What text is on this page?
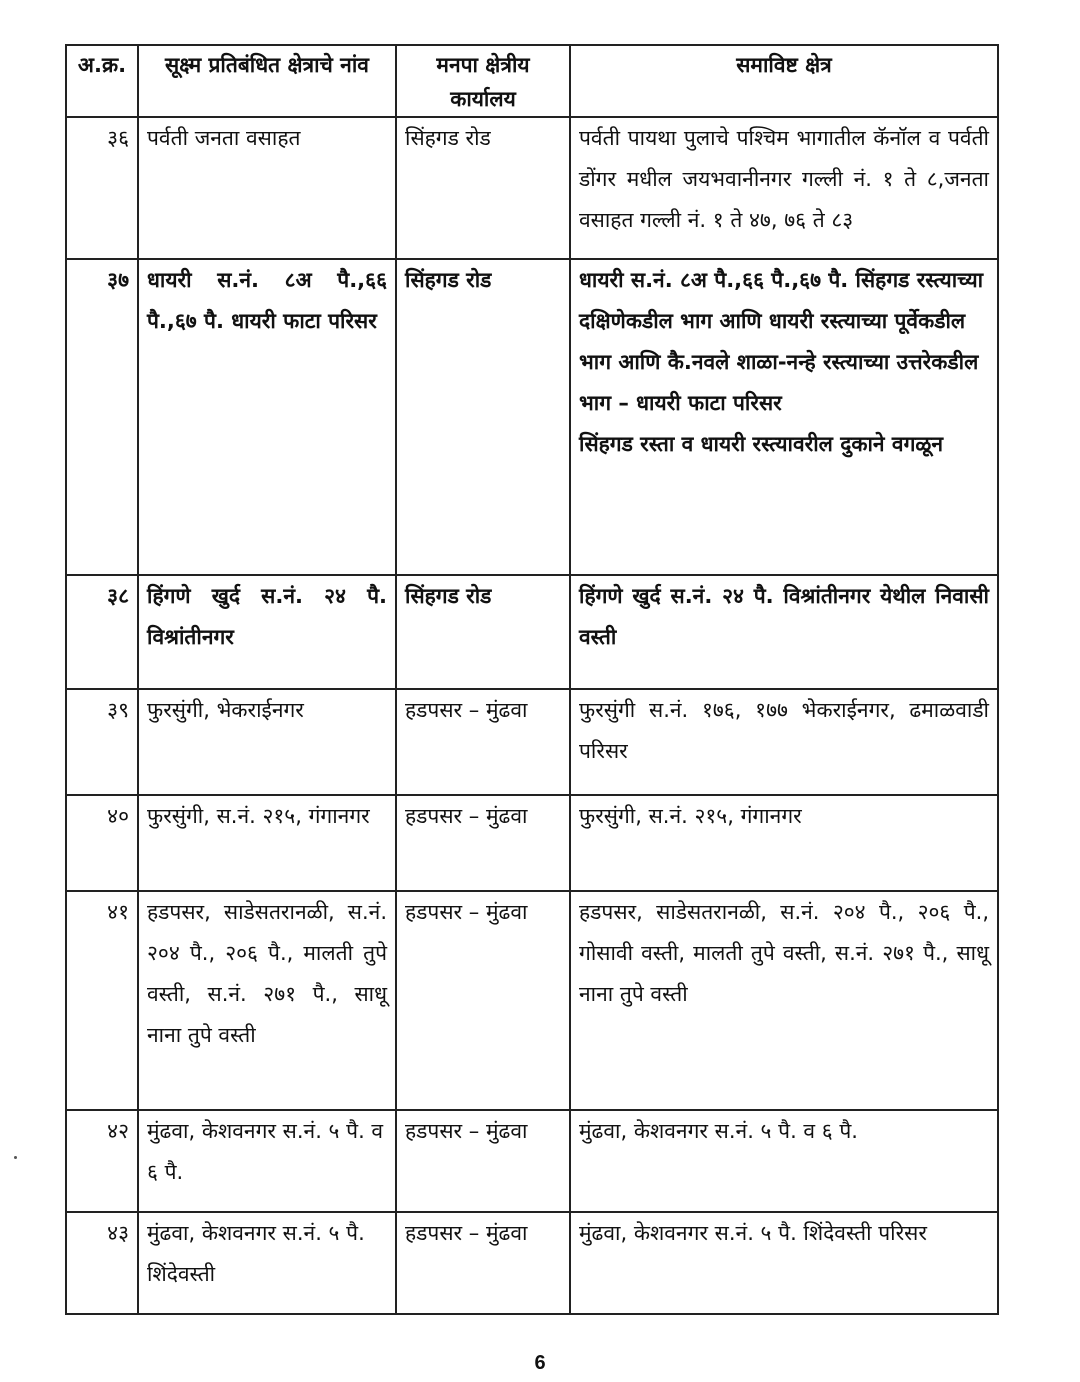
अ.क्र.	सूक्ष्म प्रतिबंधित क्षेत्राचे नांव	मनपा क्षेत्रीय कार्यालय	समाविष्ट क्षेत्र
३६	पर्वती जनता वसाहत	सिंहगड रोड	पर्वती पायथा पुलाचे पश्चिम भागातील कॅनॉल व पर्वती डोंगर मधील जयभवानीनगर गल्ली नं. १ ते ८,जनता वसाहत गल्ली नं. १ ते ४७, ७६ ते ८३
३७	धायरी स.नं. ८अ पै.,६६ पै.,६७ पै. धायरी फाटा परिसर	सिंहगड रोड	धायरी स.नं. ८अ पै.,६६ पै.,६७ पै. सिंहगड रस्त्याच्या दक्षिणेकडील भाग आणि धायरी रस्त्याच्या पूर्वेकडील भाग आणि कै.नवले शाळा-नन्हे रस्त्याच्या उत्तरेकडील भाग – धायरी फाटा परिसर
सिंहगड रस्ता व धायरी रस्त्यावरील दुकाने वगळून

३८	हिंगणे खुर्द स.नं. २४ पै. विश्रांतीनगर	सिंहगड रोड	हिंगणे खुर्द स.नं. २४ पै. विश्रांतीनगर येथील निवासी वस्ती
३९	फुरसुंगी, भेकराईनगर	हडपसर – मुंढवा	फुरसुंगी स.नं. १७६, १७७ भेकराईनगर, ढमाळवाडी परिसर
४०	फुरसुंगी, स.नं. २१५, गंगानगर	हडपसर – मुंढवा	फुरसुंगी, स.नं. २१५, गंगानगर
४१	हडपसर, साडेसतरानळी, स.नं. २०४ पै., २०६ पै., मालती तुपे वस्ती, स.नं. २७१ पै., साधू नाना तुपे वस्ती	हडपसर – मुंढवा	हडपसर, साडेसतरानळी, स.नं. २०४ पै., २०६ पै., गोसावी वस्ती, मालती तुपे वस्ती, स.नं. २७१ पै., साधू नाना तुपे वस्ती
४२	मुंढवा, केशवनगर स.नं. ५ पै. व ६ पै.	हडपसर – मुंढवा	मुंढवा, केशवनगर स.नं. ५ पै. व ६ पै.
४३	मुंढवा, केशवनगर स.नं. ५ पै. शिंदेवस्ती	हडपसर – मुंढवा	मुंढवा, केशवनगर स.नं. ५ पै. शिंदेवस्ती परिसर
6
